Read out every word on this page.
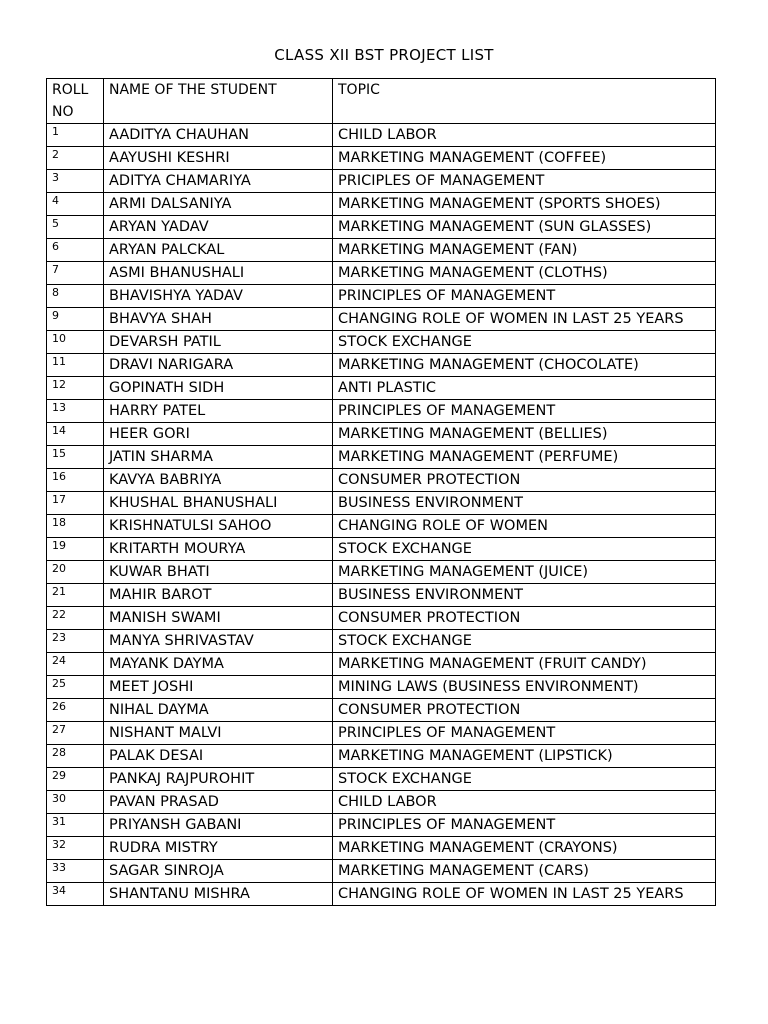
CLASS XII BST PROJECT LIST
ROLL NO	NAME OF THE STUDENT	TOPIC
1	AADITYA CHAUHAN	CHILD LABOR
2	AAYUSHI KESHRI	MARKETING MANAGEMENT (COFFEE)
3	ADITYA CHAMARIYA	PRICIPLES OF MANAGEMENT
4	ARMI DALSANIYA	MARKETING MANAGEMENT (SPORTS SHOES)
5	ARYAN YADAV	MARKETING MANAGEMENT (SUN GLASSES)
6	ARYAN PALCKAL	MARKETING MANAGEMENT (FAN)
7	ASMI BHANUSHALI	MARKETING MANAGEMENT (CLOTHS)
8	BHAVISHYA YADAV	PRINCIPLES OF MANAGEMENT
9	BHAVYA SHAH	CHANGING ROLE OF WOMEN IN LAST 25 YEARS
10	DEVARSH PATIL	STOCK EXCHANGE
11	DRAVI NARIGARA	MARKETING MANAGEMENT (CHOCOLATE)
12	GOPINATH SIDH	ANTI PLASTIC
13	HARRY PATEL	PRINCIPLES OF MANAGEMENT
14	HEER GORI	MARKETING MANAGEMENT (BELLIES)
15	JATIN SHARMA	MARKETING MANAGEMENT (PERFUME)
16	KAVYA BABRIYA	CONSUMER PROTECTION
17	KHUSHAL BHANUSHALI	BUSINESS ENVIRONMENT
18	KRISHNATULSI SAHOO	CHANGING ROLE OF WOMEN
19	KRITARTH MOURYA	STOCK EXCHANGE
20	KUWAR BHATI	MARKETING MANAGEMENT (JUICE)
21	MAHIR BAROT	BUSINESS ENVIRONMENT
22	MANISH SWAMI	CONSUMER PROTECTION
23	MANYA SHRIVASTAV	STOCK EXCHANGE
24	MAYANK DAYMA	MARKETING MANAGEMENT (FRUIT CANDY)
25	MEET JOSHI	MINING LAWS (BUSINESS ENVIRONMENT)
26	NIHAL DAYMA	CONSUMER PROTECTION
27	NISHANT MALVI	PRINCIPLES OF MANAGEMENT
28	PALAK DESAI	MARKETING MANAGEMENT (LIPSTICK)
29	PANKAJ RAJPUROHIT	STOCK EXCHANGE
30	PAVAN PRASAD	CHILD LABOR
31	PRIYANSH GABANI	PRINCIPLES OF MANAGEMENT
32	RUDRA MISTRY	MARKETING MANAGEMENT (CRAYONS)
33	SAGAR SINROJA	MARKETING MANAGEMENT (CARS)
34	SHANTANU MISHRA	CHANGING ROLE OF WOMEN IN LAST 25 YEARS
